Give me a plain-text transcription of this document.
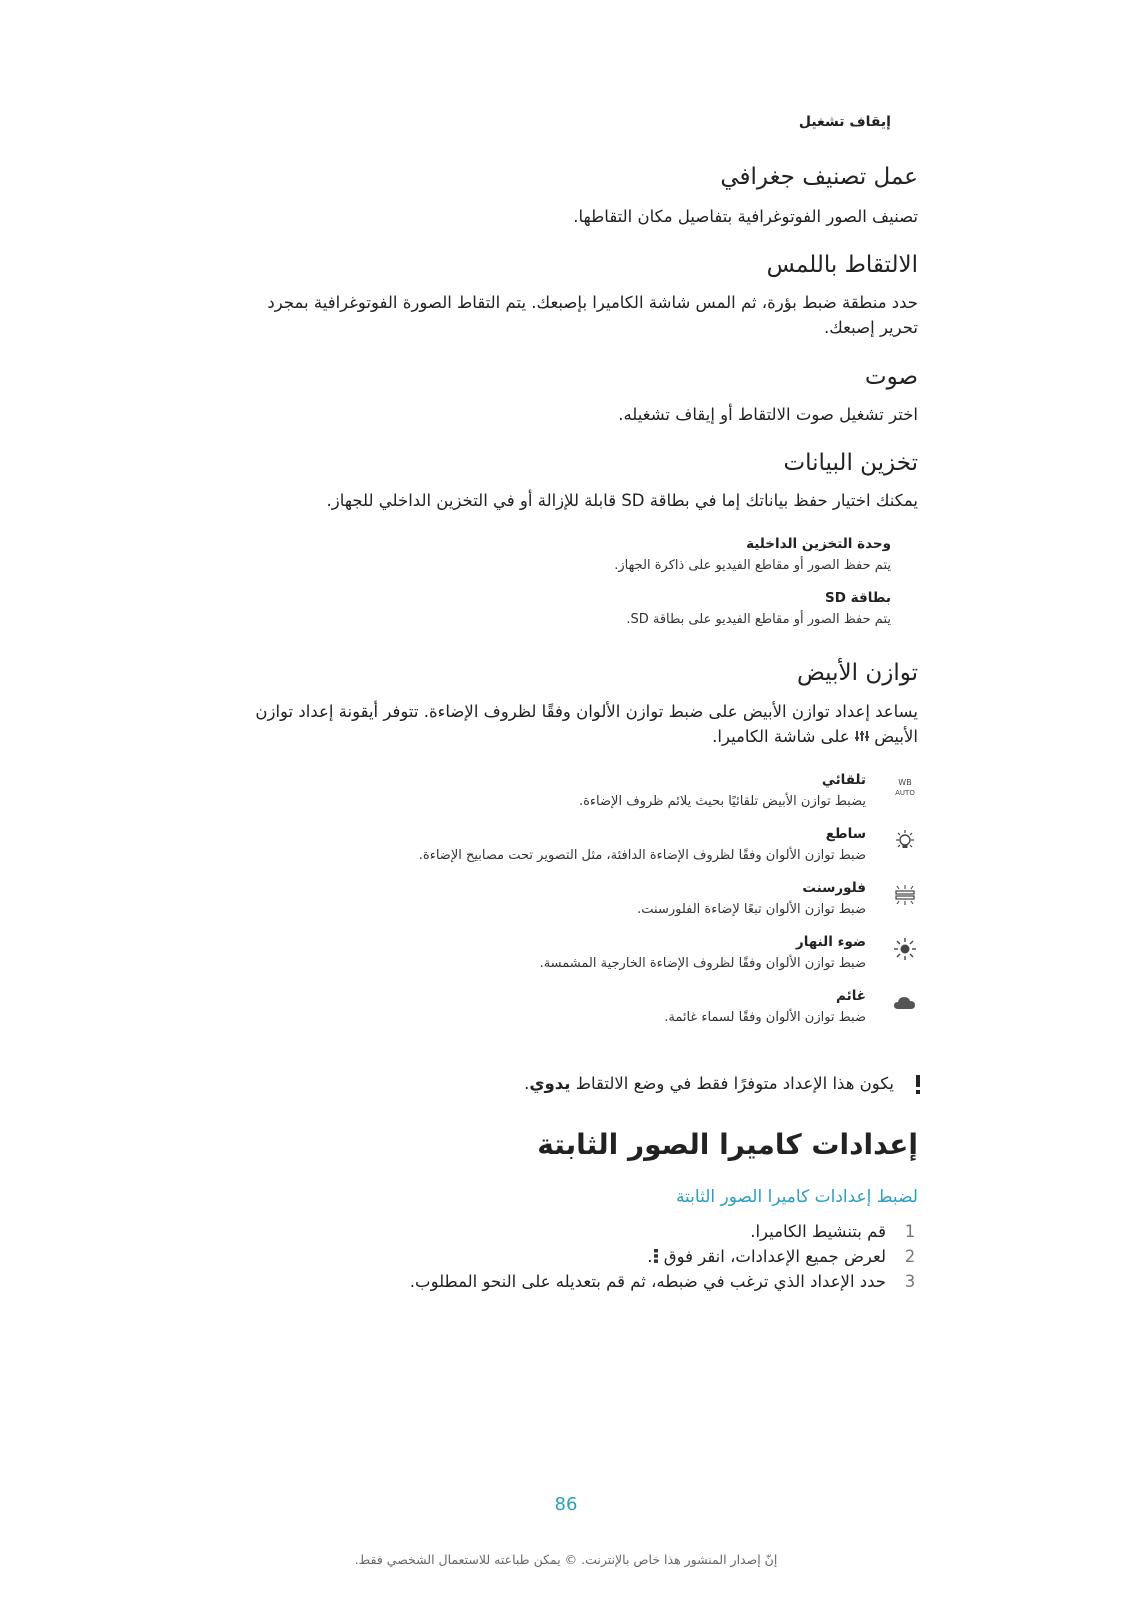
إيقاف تشغيل
عمل تصنيف جغرافي
تصنيف الصور الفوتوغرافية بتفاصيل مكان التقاطها.
الالتقاط باللمس
حدد منطقة ضبط بؤرة، ثم المس شاشة الكاميرا بإصبعك. يتم التقاط الصورة الفوتوغرافية بمجرد
تحرير إصبعك.
صوت
اختر تشغيل صوت الالتقاط أو إيقاف تشغيله.
تخزين البيانات
يمكنك اختيار حفظ بياناتك إما في بطاقة SD قابلة للإزالة أو في التخزين الداخلي للجهاز.
وحدة التخزين الداخلية
يتم حفظ الصور أو مقاطع الفيديو على ذاكرة الجهاز.
بطاقة SD
يتم حفظ الصور أو مقاطع الفيديو على بطاقة SD.
توازن الأبيض
يساعد إعداد توازن الأبيض على ضبط توازن الألوان وفقًا لظروف الإضاءة. تتوفر أيقونة إعداد توازن
الأبيض  على شاشة الكاميرا.
WB
AUTO
تلقائي
يضبط توازن الأبيض تلقائيًا بحيث يلائم ظروف الإضاءة.
ساطع
ضبط توازن الألوان وفقًا لظروف الإضاءة الدافئة، مثل التصوير تحت مصابيح الإضاءة.
فلورسنت
ضبط توازن الألوان تبعًا لإضاءة الفلورسنت.
ضوء النهار
ضبط توازن الألوان وفقًا لظروف الإضاءة الخارجية المشمسة.
غائم
ضبط توازن الألوان وفقًا لسماء غائمة.
يكون هذا الإعداد متوفرًا فقط في وضع الالتقاط يدوي.
إعدادات كاميرا الصور الثابتة
لضبط إعدادات كاميرا الصور الثابتة
1
قم بتنشيط الكاميرا.
2
لعرض جميع الإعدادات، انقر فوق .
3
حدد الإعداد الذي ترغب في ضبطه، ثم قم بتعديله على النحو المطلوب.
86
إنّ إصدار المنشور هذا خاص بالإنترنت. © يمكن طباعته للاستعمال الشخصي فقط.
